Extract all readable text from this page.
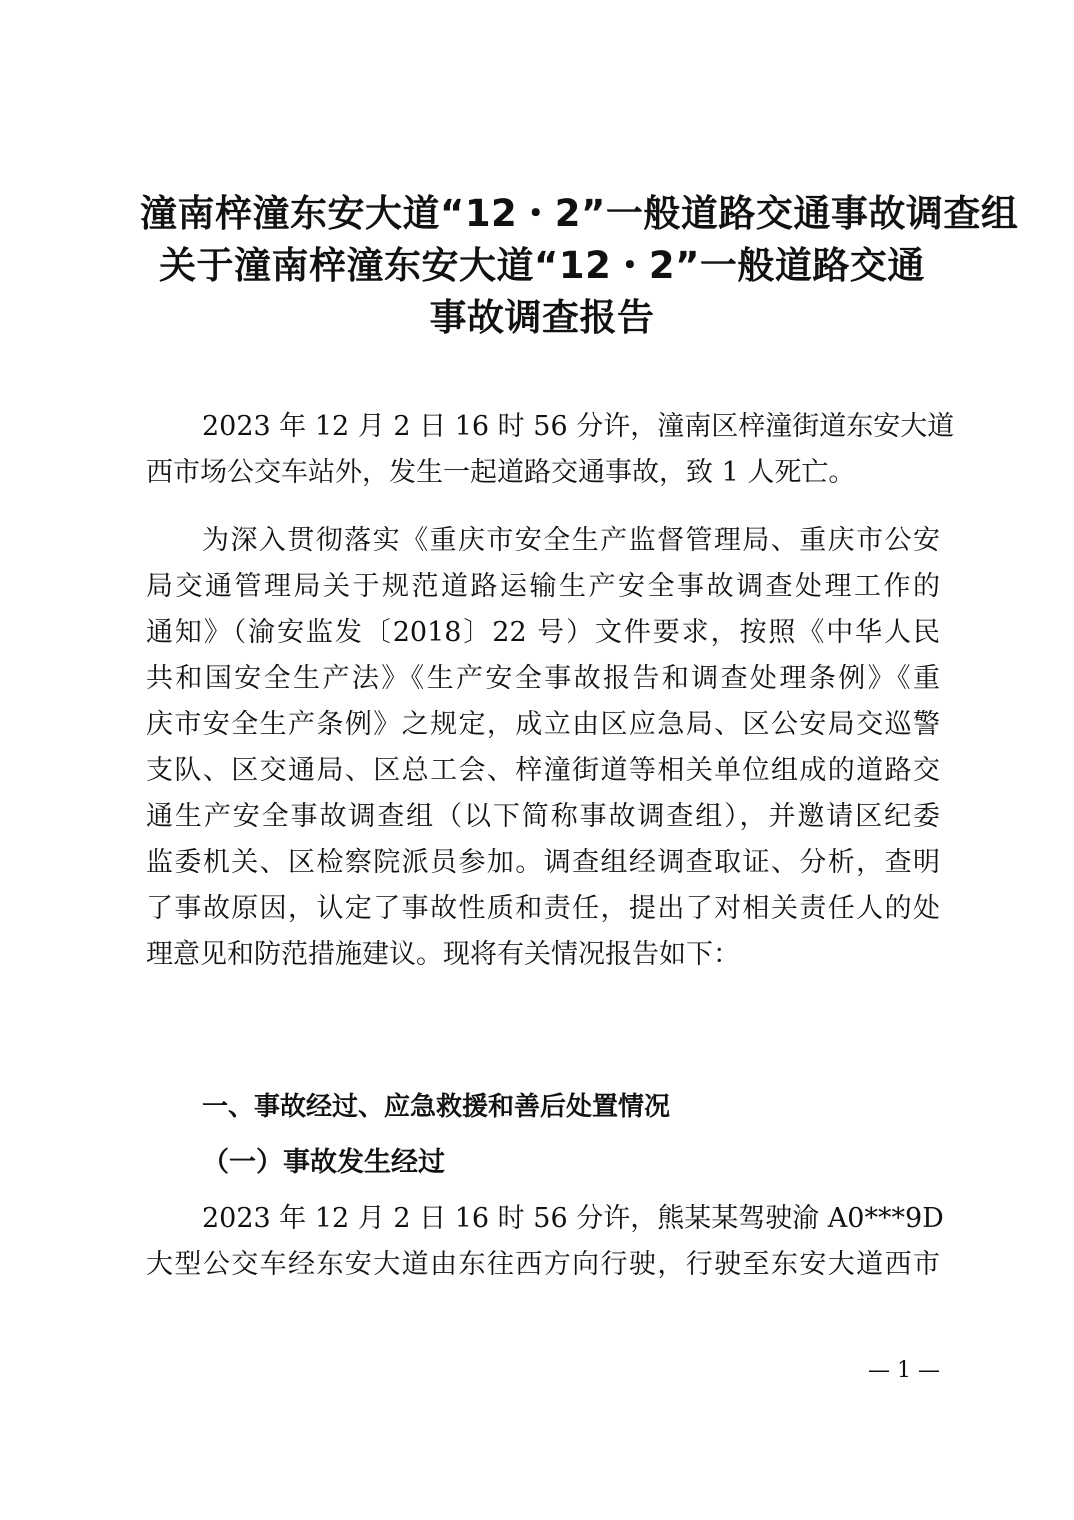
潼南梓潼东安大道“12・2”一般道路交通事故调查组
关于潼南梓潼东安大道“12・2”一般道路交通
事故调查报告
2023 年 12 月 2 日 16 时 56 分许，潼南区梓潼街道东安大道
西市场公交车站外，发生一起道路交通事故，致 1 人死亡。
为深入贯彻落实《重庆市安全生产监督管理局、重庆市公安
局交通管理局关于规范道路运输生产安全事故调查处理工作的
通知》（渝安监发〔2018〕22 号）文件要求，按照《中华人民
共和国安全生产法》《生产安全事故报告和调查处理条例》《重
庆市安全生产条例》之规定，成立由区应急局、区公安局交巡警
支队、区交通局、区总工会、梓潼街道等相关单位组成的道路交
通生产安全事故调查组（以下简称事故调查组），并邀请区纪委
监委机关、区检察院派员参加。调查组经调查取证、分析，查明
了事故原因，认定了事故性质和责任，提出了对相关责任人的处
理意见和防范措施建议。现将有关情况报告如下：
一、事故经过、应急救援和善后处置情况
（一）事故发生经过
2023 年 12 月 2 日 16 时 56 分许，熊某某驾驶渝 A0***9D
大型公交车经东安大道由东往西方向行驶，行驶至东安大道西市
— 1 —
